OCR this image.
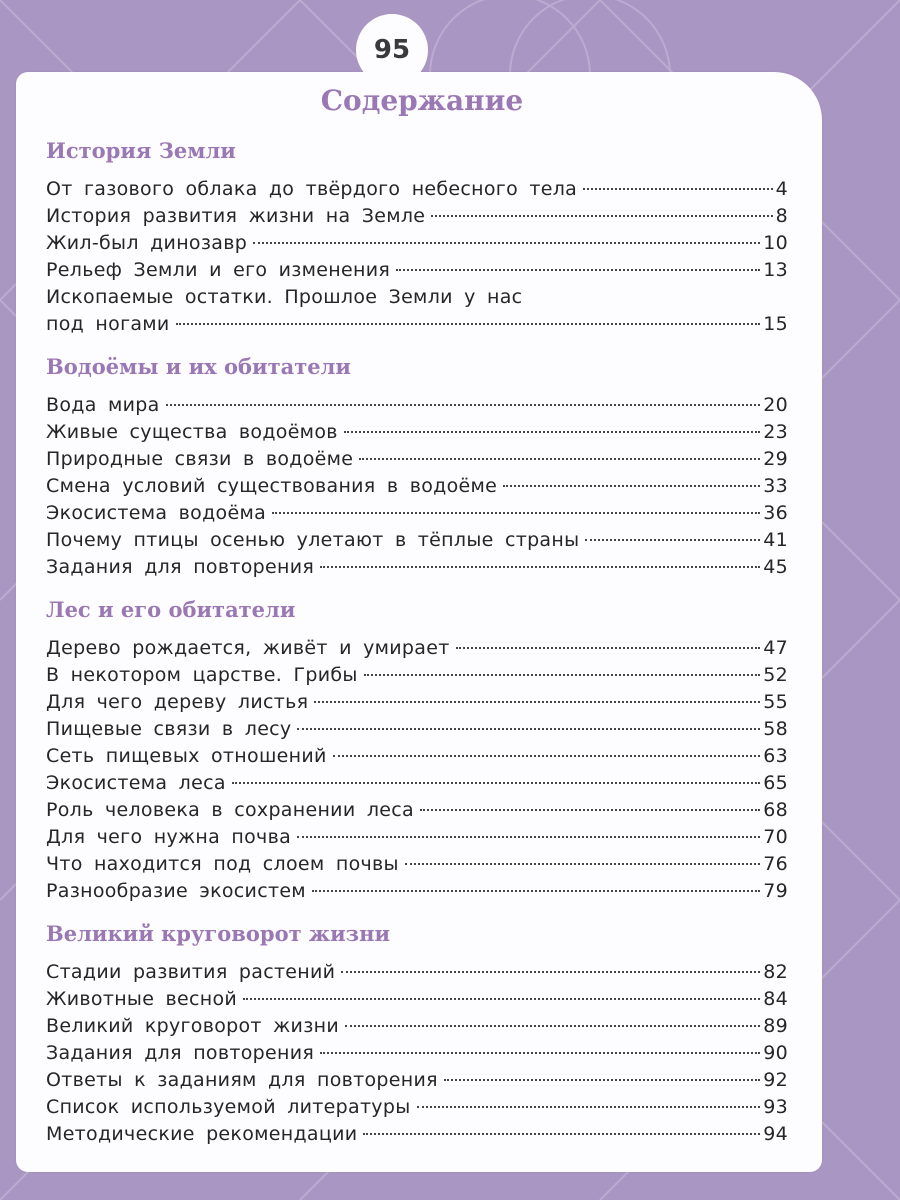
95
Содержание
История Земли
От газового облака до твёрдого небесного тела	4
История развития жизни на Земле	8
Жил-был динозавр	10
Рельеф Земли и его изменения	13
Ископаемые остатки. Прошлое Земли у нас
под ногами	15
Водоёмы и их обитатели
Вода мира	20
Живые существа водоёмов	23
Природные связи в водоёме	29
Смена условий существования в водоёме	33
Экосистема водоёма	36
Почему птицы осенью улетают в тёплые страны	41
Задания для повторения	45
Лес и его обитатели
Дерево рождается, живёт и умирает	47
В некотором царстве. Грибы	52
Для чего дереву листья	55
Пищевые связи в лесу	58
Сеть пищевых отношений	63
Экосистема леса	65
Роль человека в сохранении леса	68
Для чего нужна почва	70
Что находится под слоем почвы	76
Разнообразие экосистем	79
Великий круговорот жизни
Стадии развития растений	82
Животные весной	84
Великий круговорот жизни	89
Задания для повторения	90
Ответы к заданиям для повторения	92
Список используемой литературы	93
Методические рекомендации	94
